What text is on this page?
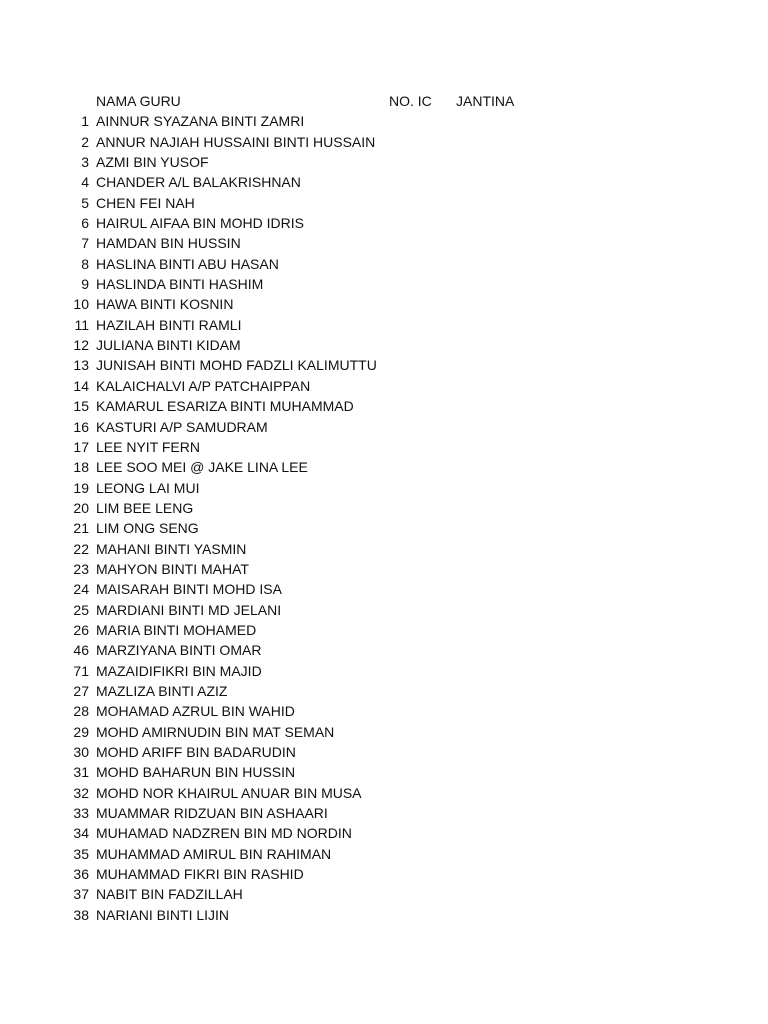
NAMA GURU	NO. IC JANTINA
1 AINNUR SYAZANA BINTI ZAMRI
2 ANNUR NAJIAH HUSSAINI BINTI HUSSAIN
3 AZMI BIN YUSOF
4 CHANDER A/L BALAKRISHNAN
5 CHEN FEI NAH
6 HAIRUL AIFAA BIN MOHD IDRIS
7 HAMDAN BIN HUSSIN
8 HASLINA BINTI ABU HASAN
9 HASLINDA BINTI HASHIM
10 HAWA BINTI KOSNIN
11 HAZILAH BINTI RAMLI
12 JULIANA BINTI KIDAM
13 JUNISAH BINTI MOHD FADZLI KALIMUTTU
14 KALAICHALVI A/P PATCHAIPPAN
15 KAMARUL ESARIZA BINTI MUHAMMAD
16 KASTURI A/P SAMUDRAM
17 LEE NYIT FERN
18 LEE SOO MEI @ JAKE LINA LEE
19 LEONG LAI MUI
20 LIM BEE LENG
21 LIM ONG SENG
22 MAHANI BINTI YASMIN
23 MAHYON BINTI MAHAT
24 MAISARAH BINTI MOHD ISA
25 MARDIANI BINTI MD JELANI
26 MARIA BINTI MOHAMED
46 MARZIYANA BINTI OMAR
71 MAZAIDIFIKRI BIN MAJID
27 MAZLIZA BINTI AZIZ
28 MOHAMAD AZRUL BIN WAHID
29 MOHD AMIRNUDIN BIN MAT SEMAN
30 MOHD ARIFF BIN BADARUDIN
31 MOHD BAHARUN BIN HUSSIN
32 MOHD NOR KHAIRUL ANUAR BIN MUSA
33 MUAMMAR RIDZUAN BIN ASHAARI
34 MUHAMAD NADZREN BIN MD NORDIN
35 MUHAMMAD AMIRUL BIN RAHIMAN
36 MUHAMMAD FIKRI BIN RASHID
37 NABIT BIN FADZILLAH
38 NARIANI BINTI LIJIN
